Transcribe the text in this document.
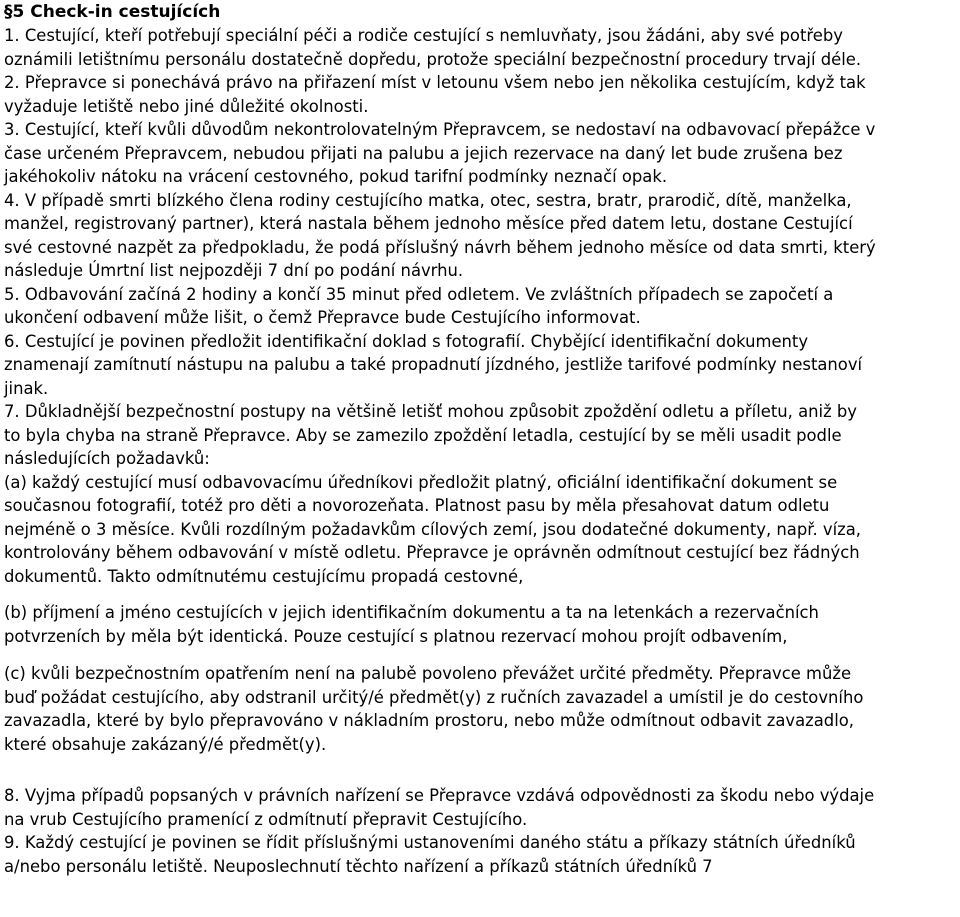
§5 Check-in cestujících
1. Cestující, kteří potřebují speciální péči a rodiče cestující s nemluvňaty, jsou žádáni, aby své potřeby
oznámili letištnímu personálu dostatečně dopředu, protože speciální bezpečnostní procedury trvají déle.
2. Přepravce si ponechává právo na přiřazení míst v letounu všem nebo jen několika cestujícím, když tak
vyžaduje letiště nebo jiné důležité okolnosti.
3. Cestující, kteří kvůli důvodům nekontrolovatelným Přepravcem, se nedostaví na odbavovací přepážce v
čase určeném Přepravcem, nebudou přijati na palubu a jejich rezervace na daný let bude zrušena bez
jakéhokoliv nátoku na vrácení cestovného, pokud tarifní podmínky neznačí opak.
4. V případě smrti blízkého člena rodiny cestujícího matka, otec, sestra, bratr, prarodič, dítě, manželka,
manžel, registrovaný partner), která nastala během jednoho měsíce před datem letu, dostane Cestující
své cestovné nazpět za předpokladu, že podá příslušný návrh během jednoho měsíce od data smrti, který
následuje Úmrtní list nejpozději 7 dní po podání návrhu.
5. Odbavování začíná 2 hodiny a končí 35 minut před odletem. Ve zvláštních případech se započetí a
ukončení odbavení může lišit, o čemž Přepravce bude Cestujícího informovat.
6. Cestující je povinen předložit identifikační doklad s fotografií. Chybějící identifikační dokumenty
znamenají zamítnutí nástupu na palubu a také propadnutí jízdného, jestliže tarifové podmínky nestanoví
jinak.
7. Důkladnější bezpečnostní postupy na většině letišť mohou způsobit zpoždění odletu a příletu, aniž by
to byla chyba na straně Přepravce. Aby se zamezilo zpoždění letadla, cestující by se měli usadit podle
následujících požadavků:
(a) každý cestující musí odbavovacímu úředníkovi předložit platný, oficiální identifikační dokument se
současnou fotografií, totéž pro děti a novorozeňata. Platnost pasu by měla přesahovat datum odletu
nejméně o 3 měsíce. Kvůli rozdílným požadavkům cílových zemí, jsou dodatečné dokumenty, např. víza,
kontrolovány během odbavování v místě odletu. Přepravce je oprávněn odmítnout cestující bez řádných
dokumentů. Takto odmítnutému cestujícímu propadá cestovné,
(b) příjmení a jméno cestujících v jejich identifikačním dokumentu a ta na letenkách a rezervačních
potvrzeních by měla být identická. Pouze cestující s platnou rezervací mohou projít odbavením,
(c) kvůli bezpečnostním opatřením není na palubě povoleno převážet určité předměty. Přepravce může
buď požádat cestujícího, aby odstranil určitý/é předmět(y) z ručních zavazadel a umístil je do cestovního
zavazadla, které by bylo přepravováno v nákladním prostoru, nebo může odmítnout odbavit zavazadlo,
které obsahuje zakázaný/é předmět(y).
8. Vyjma případů popsaných v právních nařízení se Přepravce vzdává odpovědnosti za škodu nebo výdaje
na vrub Cestujícího pramenící z odmítnutí přepravit Cestujícího.
9. Každý cestující je povinen se řídit příslušnými ustanoveními daného státu a příkazy státních úředníků
a/nebo personálu letiště. Neuposlechnutí těchto nařízení a příkazů státních úředníků 7
